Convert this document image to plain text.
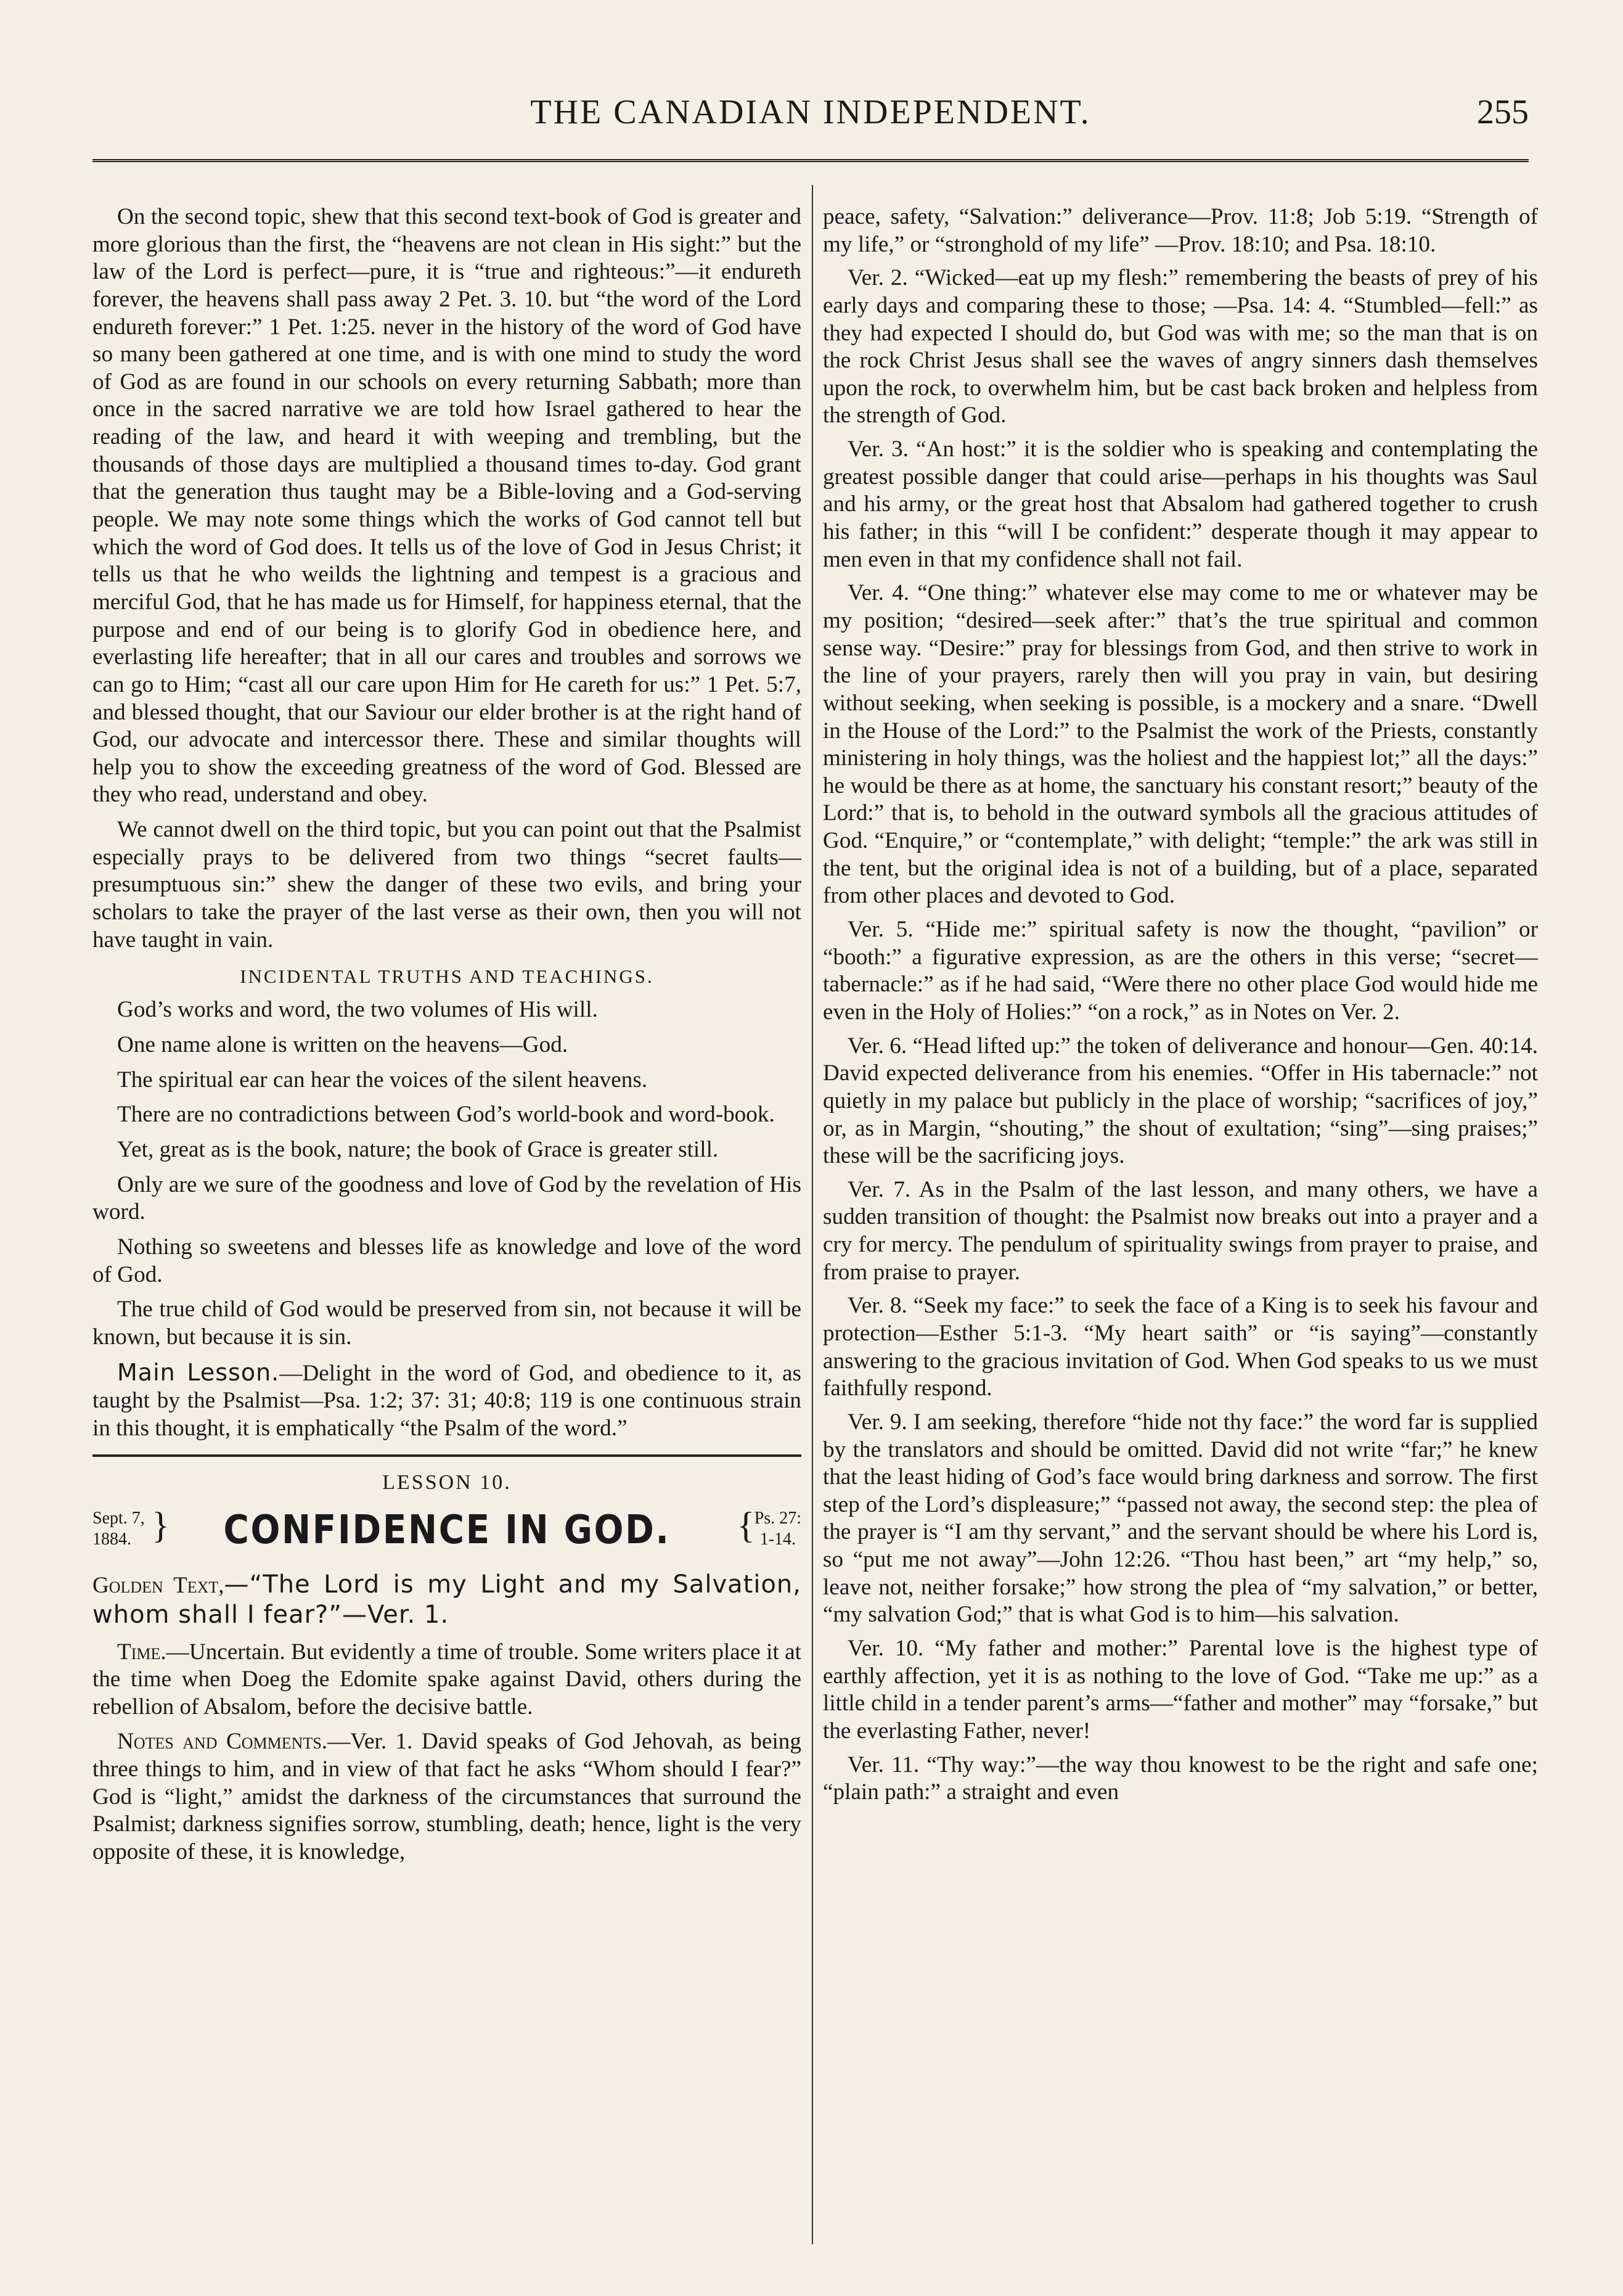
THE CANADIAN INDEPENDENT.	255

On the second topic, shew that this second text-book of God is greater and more glorious than the first, the “heavens are not clean in His sight:” but the law of the Lord is perfect—pure, it is “true and righteous:”—it endureth forever, the heavens shall pass away 2 Pet. 3. 10. but “the word of the Lord endureth forever:” 1 Pet. 1:25. never in the history of the word of God have so many been gathered at one time, and is with one mind to study the word of God as are found in our schools on every returning Sabbath; more than once in the sacred narrative we are told how Israel gathered to hear the reading of the law, and heard it with weeping and trembling, but the thousands of those days are multiplied a thousand times to-day. God grant that the generation thus taught may be a Bible-loving and a God-serving people. We may note some things which the works of God cannot tell but which the word of God does. It tells us of the love of God in Jesus Christ; it tells us that he who weilds the lightning and tempest is a gracious and merciful God, that he has made us for Himself, for happiness eternal, that the purpose and end of our being is to glorify God in obedience here, and everlasting life hereafter; that in all our cares and troubles and sorrows we can go to Him; “cast all our care upon Him for He careth for us:” 1 Pet. 5:7, and blessed thought, that our Saviour our elder brother is at the right hand of God, our advocate and intercessor there. These and similar thoughts will help you to show the exceeding greatness of the word of God. Blessed are they who read, understand and obey.

We cannot dwell on the third topic, but you can point out that the Psalmist especially prays to be delivered from two things “secret faults—presumptuous sin:” shew the danger of these two evils, and bring your scholars to take the prayer of the last verse as their own, then you will not have taught in vain.

INCIDENTAL TRUTHS AND TEACHINGS.

God’s works and word, the two volumes of His will.

One name alone is written on the heavens—God.

The spiritual ear can hear the voices of the silent heavens.

There are no contradictions between God’s world-book and word-book.

Yet, great as is the book, nature; the book of Grace is greater still.

Only are we sure of the goodness and love of God by the revelation of His word.

Nothing so sweetens and blesses life as knowledge and love of the word of God.

The true child of God would be preserved from sin, not because it will be known, but because it is sin.

Main Lesson.—Delight in the word of God, and obedience to it, as taught by the Psalmist—Psa. 1:2; 37: 31; 40:8; 119 is one continuous strain in this thought, it is emphatically “the Psalm of the word.”

LESSON 10.
Sept. 7,
1884. }	CONFIDENCE IN GOD.	{ Ps. 27:
1-14.

Golden Text,—“The Lord is my Light and my Salvation, whom shall I fear?”—Ver. 1.

Time.—Uncertain. But evidently a time of trouble. Some writers place it at the time when Doeg the Edomite spake against David, others during the rebellion of Absalom, before the decisive battle.

Notes and Comments.—Ver. 1. David speaks of God Jehovah, as being three things to him, and in view of that fact he asks “Whom should I fear?” God is “light,” amidst the darkness of the circumstances that surround the Psalmist; darkness signifies sorrow, stumbling, death; hence, light is the very opposite of these, it is knowledge,

peace, safety, “Salvation:” deliverance—Prov. 11:8; Job 5:19. “Strength of my life,” or “stronghold of my life” —Prov. 18:10; and Psa. 18:10.

Ver. 2. “Wicked—eat up my flesh:” remembering the beasts of prey of his early days and comparing these to those; —Psa. 14: 4. “Stumbled—fell:” as they had expected I should do, but God was with me; so the man that is on the rock Christ Jesus shall see the waves of angry sinners dash themselves upon the rock, to overwhelm him, but be cast back broken and helpless from the strength of God.

Ver. 3. “An host:” it is the soldier who is speaking and contemplating the greatest possible danger that could arise—perhaps in his thoughts was Saul and his army, or the great host that Absalom had gathered together to crush his father; in this “will I be confident:” desperate though it may appear to men even in that my confidence shall not fail.

Ver. 4. “One thing:” whatever else may come to me or whatever may be my position; “desired—seek after:” that’s the true spiritual and common sense way. “Desire:” pray for blessings from God, and then strive to work in the line of your prayers, rarely then will you pray in vain, but desiring without seeking, when seeking is possible, is a mockery and a snare. “Dwell in the House of the Lord:” to the Psalmist the work of the Priests, constantly ministering in holy things, was the holiest and the happiest lot;” all the days:” he would be there as at home, the sanctuary his constant resort;” beauty of the Lord:” that is, to behold in the outward symbols all the gracious attitudes of God. “Enquire,” or “contemplate,” with delight; “temple:” the ark was still in the tent, but the original idea is not of a building, but of a place, separated from other places and devoted to God.

Ver. 5. “Hide me:” spiritual safety is now the thought, “pavilion” or “booth:” a figurative expression, as are the others in this verse; “secret—tabernacle:” as if he had said, “Were there no other place God would hide me even in the Holy of Holies:” “on a rock,” as in Notes on Ver. 2.

Ver. 6. “Head lifted up:” the token of deliverance and honour—Gen. 40:14. David expected deliverance from his enemies. “Offer in His tabernacle:” not quietly in my palace but publicly in the place of worship; “sacrifices of joy,” or, as in Margin, “shouting,” the shout of exultation; “sing”—sing praises;” these will be the sacrificing joys.

Ver. 7. As in the Psalm of the last lesson, and many others, we have a sudden transition of thought: the Psalmist now breaks out into a prayer and a cry for mercy. The pendulum of spirituality swings from prayer to praise, and from praise to prayer.

Ver. 8. “Seek my face:” to seek the face of a King is to seek his favour and protection—Esther 5:1-3. “My heart saith” or “is saying”—constantly answering to the gracious invitation of God. When God speaks to us we must faithfully respond.

Ver. 9. I am seeking, therefore “hide not thy face:” the word far is supplied by the translators and should be omitted. David did not write “far;” he knew that the least hiding of God’s face would bring darkness and sorrow. The first step of the Lord’s displeasure;” “passed not away, the second step: the plea of the prayer is “I am thy servant,” and the servant should be where his Lord is, so “put me not away”—John 12:26. “Thou hast been,” art “my help,” so, leave not, neither forsake;” how strong the plea of “my salvation,” or better, “my salvation God;” that is what God is to him—his salvation.

Ver. 10. “My father and mother:” Parental love is the highest type of earthly affection, yet it is as nothing to the love of God. “Take me up:” as a little child in a tender parent’s arms—“father and mother” may “forsake,” but the everlasting Father, never!

Ver. 11. “Thy way:”—the way thou knowest to be the right and safe one; “plain path:” a straight and even
